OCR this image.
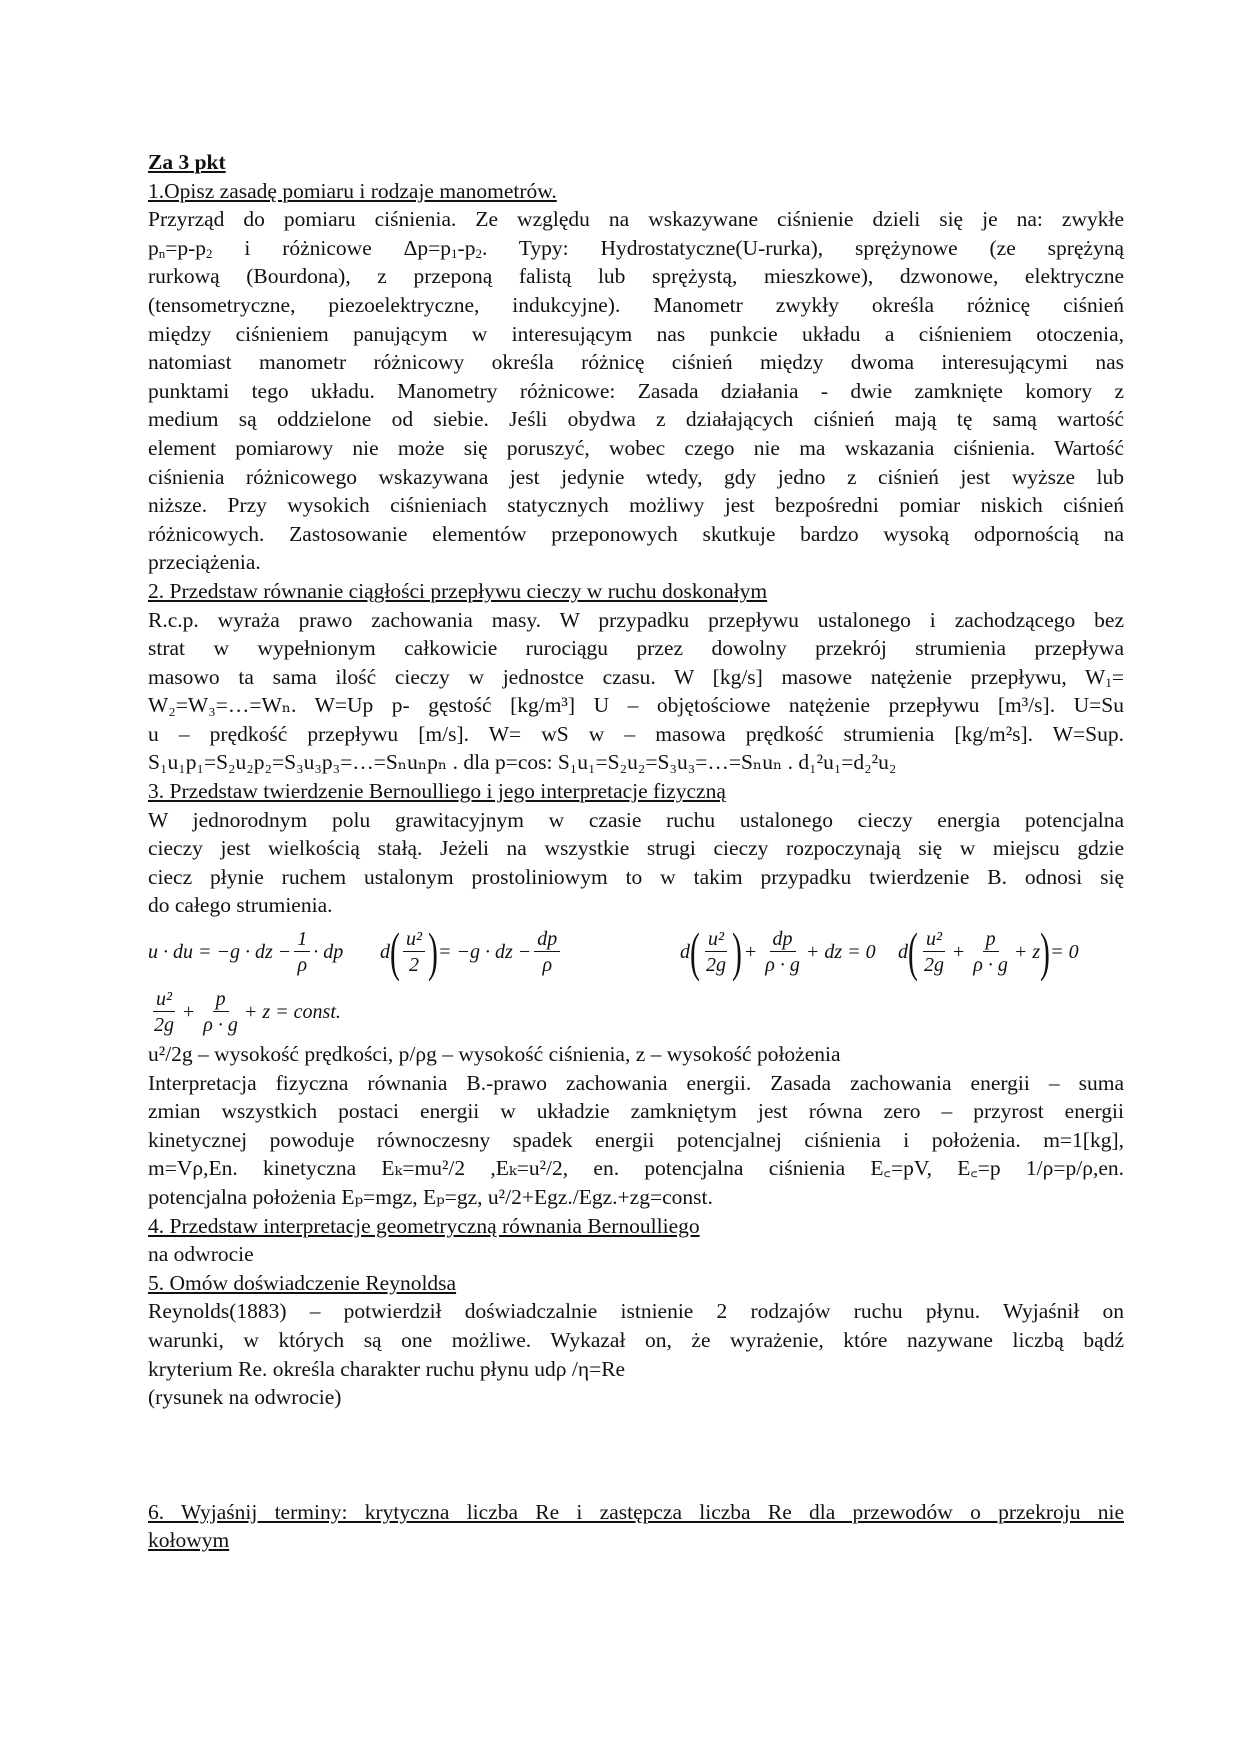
Za 3 pkt

1.Opisz zasadę pomiaru i rodzaje manometrów.

Przyrząd do pomiaru ciśnienia. Ze względu na wskazywane ciśnienie dzieli się je na: zwykłe

$p_n=p-p_2$ i różnicowe $\Delta p=p_1-p_2$. Typy: Hydrostatyczne(U-rurka), sprężynowe (ze sprężyną

rurkową (Bourdona), z przeponą falistą lub sprężystą, mieszkowe), dzwonowe, elektryczne

(tensometryczne, piezoelektryczne, indukcyjne). Manometr zwykły określa różnicę ciśnień

między ciśnieniem panującym w interesującym nas punkcie układu a ciśnieniem otoczenia,

natomiast manometr różnicowy określa różnicę ciśnień między dwoma interesującymi nas

punktami tego układu. Manometry różnicowe: Zasada działania - dwie zamknięte komory z

medium są oddzielone od siebie. Jeśli obydwa z działających ciśnień mają tę samą wartość

element pomiarowy nie może się poruszyć, wobec czego nie ma wskazania ciśnienia. Wartość

ciśnienia różnicowego wskazywana jest jedynie wtedy, gdy jedno z ciśnień jest wyższe lub

niższe. Przy wysokich ciśnieniach statycznych możliwy jest bezpośredni pomiar niskich ciśnień

różnicowych. Zastosowanie elementów przeponowych skutkuje bardzo wysoką odpornością na

przeciążenia.

2. Przedstaw równanie ciągłości przepływu cieczy w ruchu doskonałym

R.c.p. wyraża prawo zachowania masy. W przypadku przepływu ustalonego i zachodzącego bez

strat w wypełnionym całkowicie rurociągu przez dowolny przekrój strumienia przepływa

masowo ta sama ilość cieczy w jednostce czasu. W [kg/s] masowe natężenie przepływu, $W_1=$

W₂=W₃=…=Wₙ. W=Up p- gęstość [kg/m³] U – objętościowe natężenie przepływu [m³/s]. U=Su

u – prędkość przepływu [m/s]. W= wS w – masowa prędkość strumienia [kg/m²s]. W=Sup.

S₁u₁p₁=S₂u₂p₂=S₃u₃p₃=…=Sₙuₙpₙ . dla p=cos: S₁u₁=S₂u₂=S₃u₃=…=Sₙuₙ . d₁²u₁=d₂²u₂

3. Przedstaw twierdzenie Bernoulliego i jego interpretacje fizyczną

W jednorodnym polu grawitacyjnym w czasie ruchu ustalonego cieczy energia potencjalna

cieczy jest wielkością stałą. Jeżeli na wszystkie strugi cieczy rozpoczynają się w miejscu gdzie

ciecz płynie ruchem ustalonym prostoliniowym to w takim przypadku twierdzenie B. odnosi się

do całego strumienia.

u · du = −g · dz − $\frac{1}{\rho}$ · dp d ( $\frac{\text{u²}}{2}$ ) = −g · dz − $\frac{dp}{\rho}$	d ( $\frac{\text{u²}}{2g}$ ) + $\frac{dp}{\rho \cdot g}$ + dz = 0 d ( $\frac{\text{u²}}{2g} + \frac{p}{\rho \cdot g} + z$ ) = 0
$\frac{\text{u²}}{2g} + \frac{p}{\rho \cdot g} + z$ = const.

u²/2g – wysokość prędkości, p/ρg – wysokość ciśnienia, z – wysokość położenia

Interpretacja fizyczna równania B.-prawo zachowania energii. Zasada zachowania energii – suma

zmian wszystkich postaci energii w układzie zamkniętym jest równa zero – przyrost energii

kinetycznej powoduje równoczesny spadek energii potencjalnej ciśnienia i położenia. m=1[kg],

m=Vρ,En. kinetyczna Eₖ=mu²/2 ,Eₖ=u²/2, en. potencjalna ciśnienia E꜀=pV, E꜀=p 1/ρ=p/ρ,en.

potencjalna położenia Eₚ=mgz, Eₚ=gz, u²/2+Egz./Egz.+zg=const.

4. Przedstaw interpretacje geometryczną równania Bernoulliego

na odwrocie

5. Omów doświadczenie Reynoldsa

Reynolds(1883) – potwierdził doświadczalnie istnienie 2 rodzajów ruchu płynu. Wyjaśnił on

warunki, w których są one możliwe. Wykazał on, że wyrażenie, które nazywane liczbą bądź

kryterium Re. określa charakter ruchu płynu udρ /η=Re

(rysunek na odwrocie)

6. Wyjaśnij terminy: krytyczna liczba Re i zastępcza liczba Re dla przewodów o przekroju nie

kołowym
